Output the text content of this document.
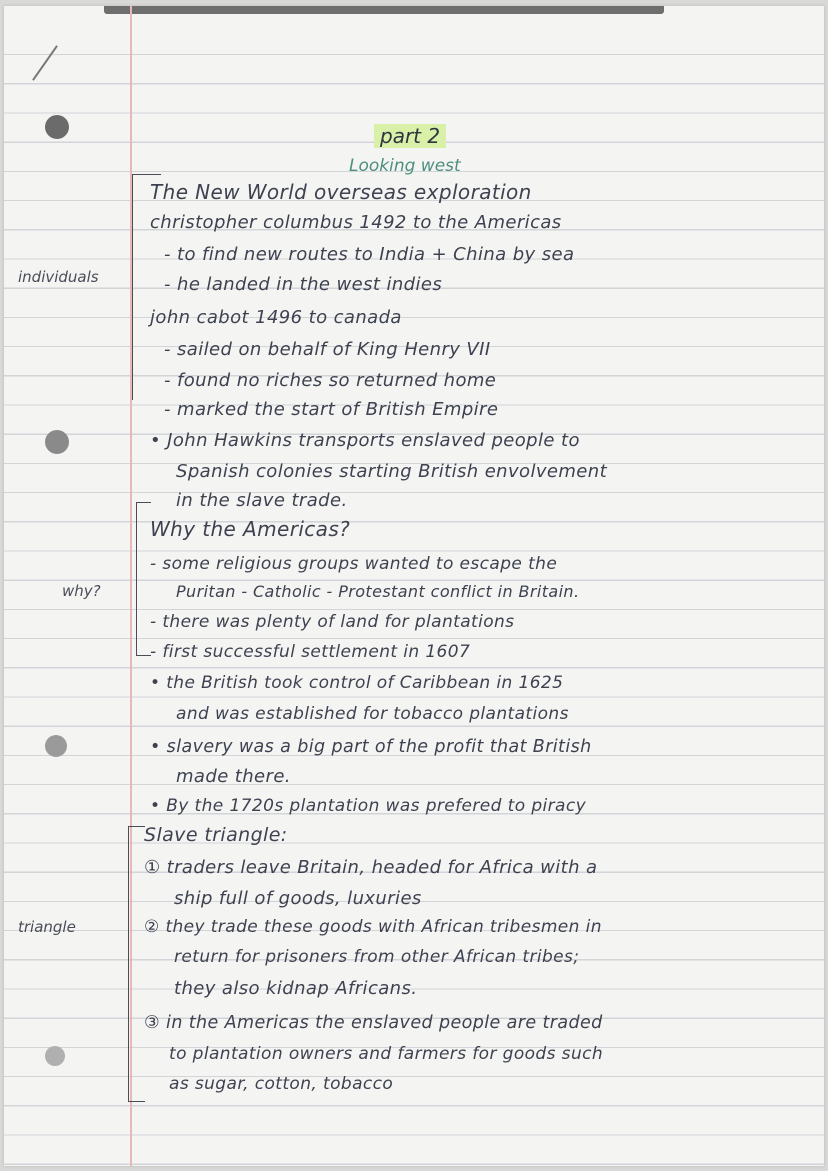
part 2
Looking west
individuals
why?
triangle
The New World overseas exploration
christopher columbus 1492 to the Americas
- to find new routes to India + China by sea
- he landed in the west indies
john cabot 1496 to canada
- sailed on behalf of King Henry VII
- found no riches so returned home
- marked the start of British Empire
• John Hawkins transports enslaved people to
Spanish colonies starting British envolvement
in the slave trade.
Why the Americas?
- some religious groups wanted to escape the
Puritan - Catholic - Protestant conflict in Britain.
- there was plenty of land for plantations
- first successful settlement in 1607
• the British took control of Caribbean in 1625
and was established for tobacco plantations
• slavery was a big part of the profit that British
made there.
• By the 1720s plantation was prefered to piracy
Slave triangle:
① traders leave Britain, headed for Africa with a
ship full of goods, luxuries
② they trade these goods with African tribesmen in
return for prisoners from other African tribes;
they also kidnap Africans.
③ in the Americas the enslaved people are traded
to plantation owners and farmers for goods such
as sugar, cotton, tobacco
